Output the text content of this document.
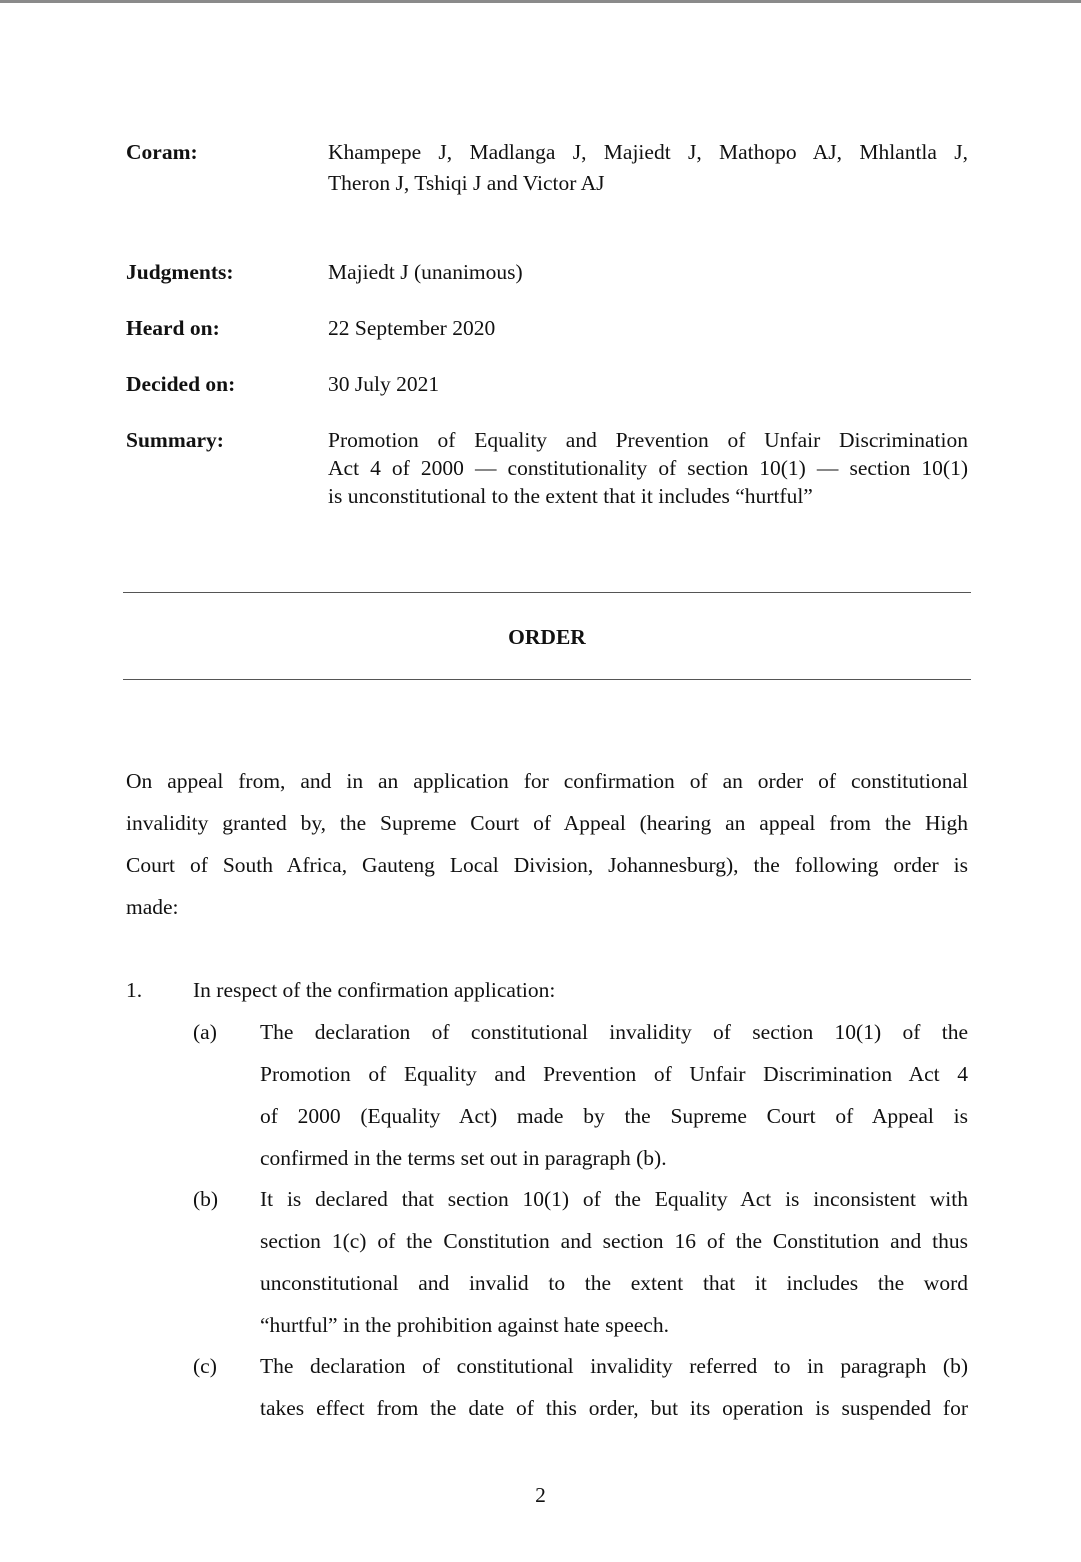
Coram:	Khampepe J, Madlanga J, Majiedt J, Mathopo AJ, Mhlantla J,
Theron J, Tshiqi J and Victor AJ
Judgments:	Majiedt J (unanimous)
Heard on:	22 September 2020
Decided on:	30 July 2021
Summary:	Promotion of Equality and Prevention of Unfair Discrimination
Act 4 of 2000 — constitutionality of section 10(1) — section 10(1)
is unconstitutional to the extent that it includes “hurtful”
ORDER
On appeal from, and in an application for confirmation of an order of constitutional
invalidity granted by, the Supreme Court of Appeal (hearing an appeal from the High
Court of South Africa, Gauteng Local Division, Johannesburg), the following order is
made:
1. In respect of the confirmation application:
(a) The declaration of constitutional invalidity of section 10(1) of the
Promotion of Equality and Prevention of Unfair Discrimination Act 4
of 2000 (Equality Act) made by the Supreme Court of Appeal is
confirmed in the terms set out in paragraph (b).
(b) It is declared that section 10(1) of the Equality Act is inconsistent with
section 1(c) of the Constitution and section 16 of the Constitution and thus
unconstitutional and invalid to the extent that it includes the word
“hurtful” in the prohibition against hate speech.
(c) The declaration of constitutional invalidity referred to in paragraph (b)
takes effect from the date of this order, but its operation is suspended for
2
